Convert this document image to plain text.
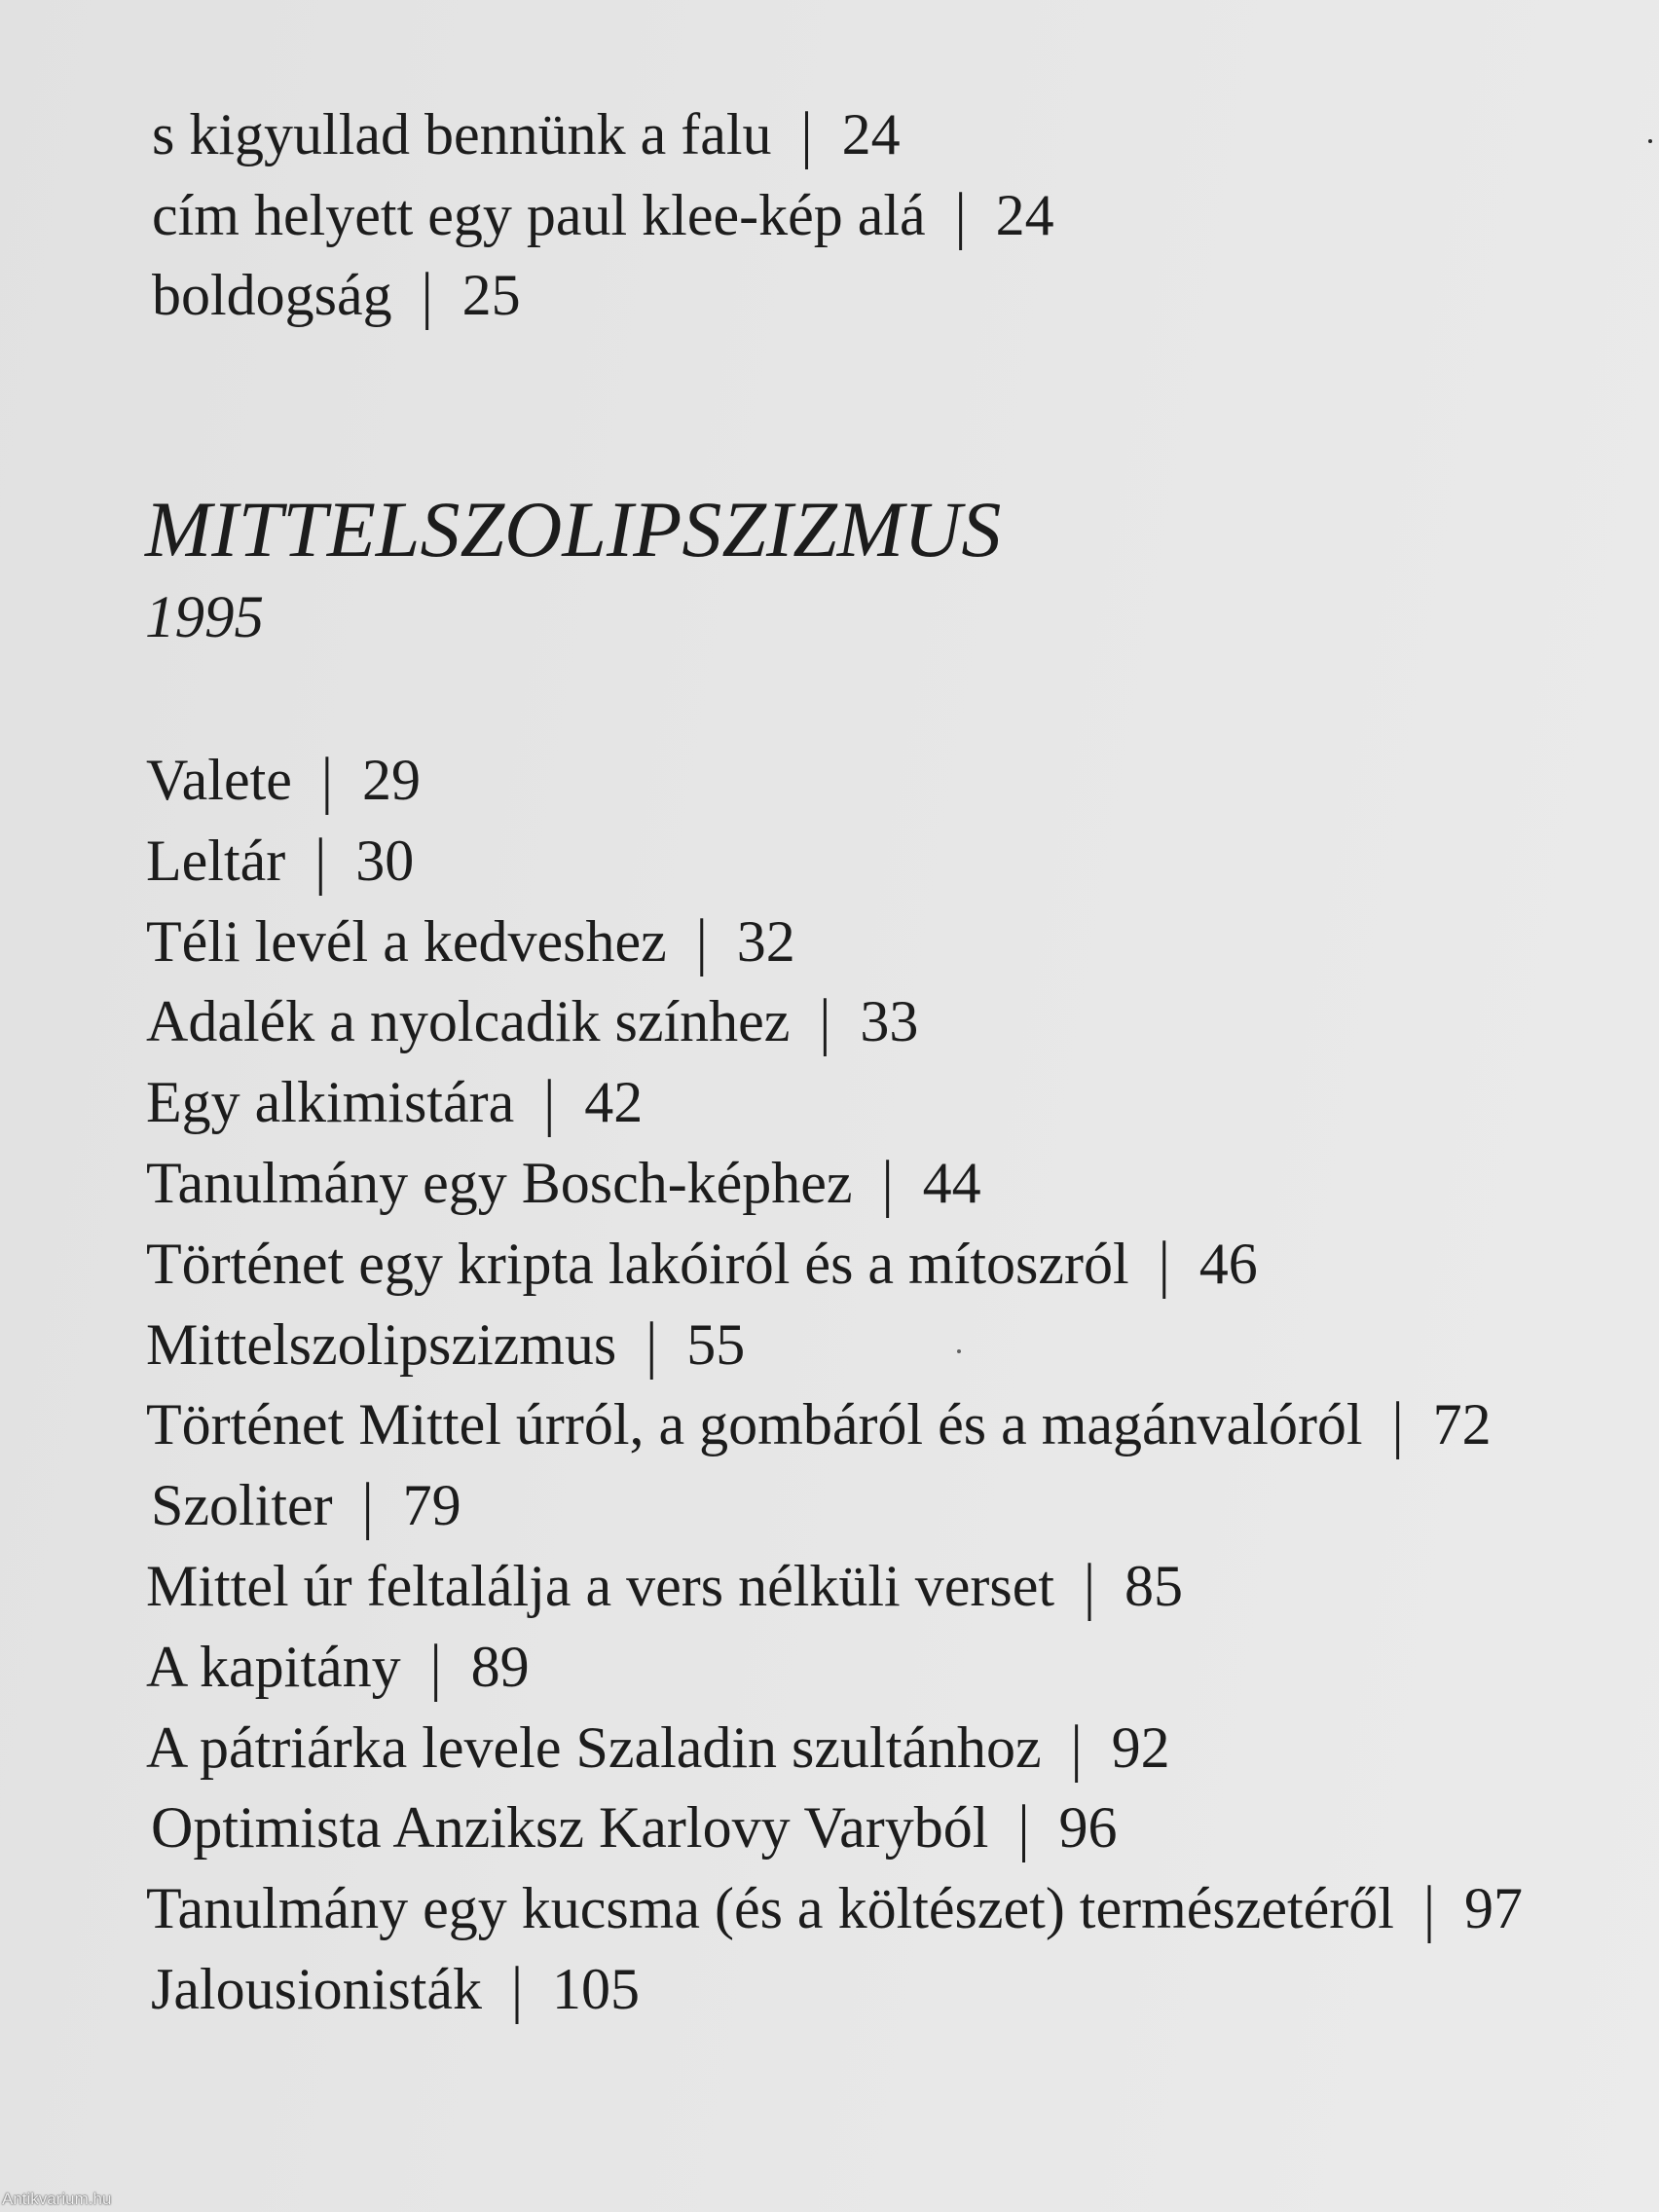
s kigyullad bennünk a falu | 24
cím helyett egy paul klee-kép alá | 24
boldogság | 25
MITTELSZOLIPSZIZMUS
1995
Valete | 29
Leltár | 30
Téli levél a kedveshez | 32
Adalék a nyolcadik színhez | 33
Egy alkimistára | 42
Tanulmány egy Bosch-képhez | 44
Történet egy kripta lakóiról és a mítoszról | 46
Mittelszolipszizmus | 55
Történet Mittel úrról, a gombáról és a magánvalóról | 72
Szoliter | 79
Mittel úr feltalálja a vers nélküli verset | 85
A kapitány | 89
A pátriárka levele Szaladin szultánhoz | 92
Optimista Anziksz Karlovy Varyból | 96
Tanulmány egy kucsma (és a költészet) természetéről | 97
Jalousionisták | 105
Antikvarium.hu
